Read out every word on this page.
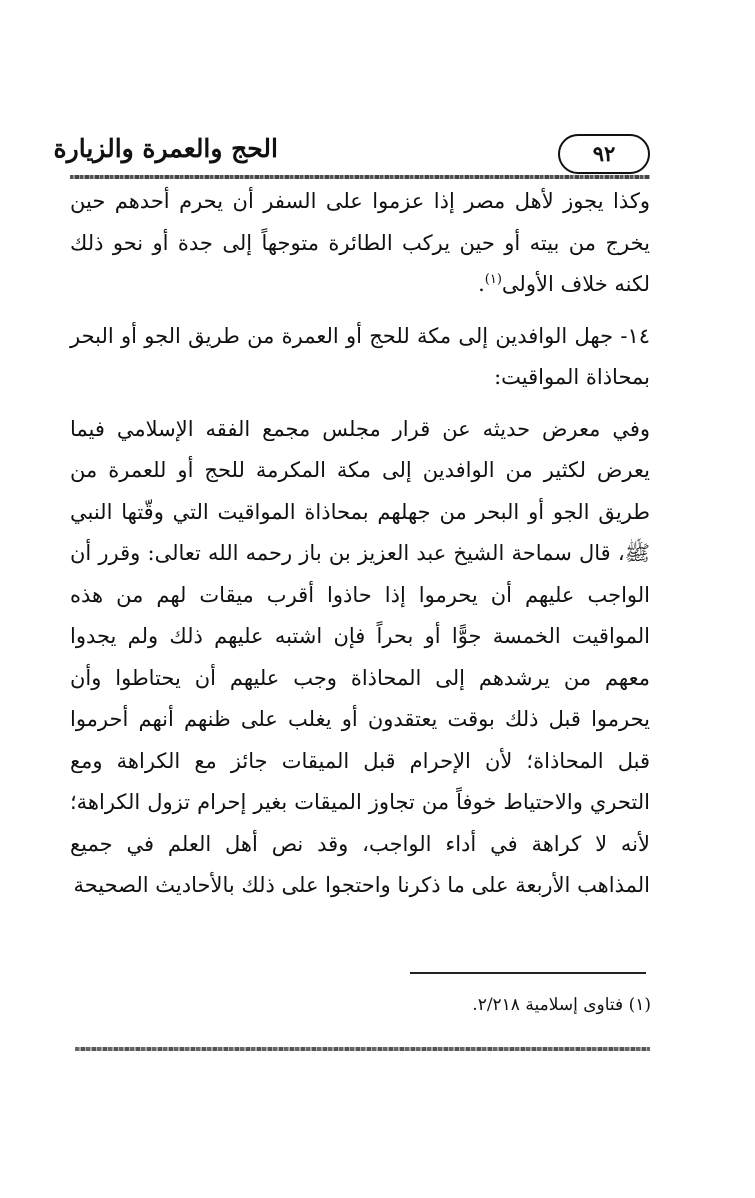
الحج والعمرة والزيارة	٩٢

وكذا يجوز لأهل مصر إذا عزموا على السفر أن يحرم أحدهم حين يخرج من بيته أو حين يركب الطائرة متوجهاً إلى جدة أو نحو ذلك لكنه خلاف الأولى$^{(١)}$.

١٤- جهل الوافدين إلى مكة للحج أو العمرة من طريق الجو أو البحر بمحاذاة المواقيت:

وفي معرض حديثه عن قرار مجلس مجمع الفقه الإسلامي فيما يعرض لكثير من الوافدين إلى مكة المكرمة للحج أو للعمرة من طريق الجو أو البحر من جهلهم بمحاذاة المواقيت التي وقّتها النبي ﷺ، قال سماحة الشيخ عبد العزيز بن باز رحمه الله تعالى: وقرر أن الواجب عليهم أن يحرموا إذا حاذوا أقرب ميقات لهم من هذه المواقيت الخمسة جوًّا أو بحراً فإن اشتبه عليهم ذلك ولم يجدوا معهم من يرشدهم إلى المحاذاة وجب عليهم أن يحتاطوا وأن يحرموا قبل ذلك بوقت يعتقدون أو يغلب على ظنهم أنهم أحرموا قبل المحاذاة؛ لأن الإحرام قبل الميقات جائز مع الكراهة ومع التحري والاحتياط خوفاً من تجاوز الميقات بغير إحرام تزول الكراهة؛ لأنه لا كراهة في أداء الواجب، وقد نص أهل العلم في جميع المذاهب الأربعة على ما ذكرنا واحتجوا على ذلك بالأحاديث الصحيحة

(١) فتاوى إسلامية ٢/٢١٨.
